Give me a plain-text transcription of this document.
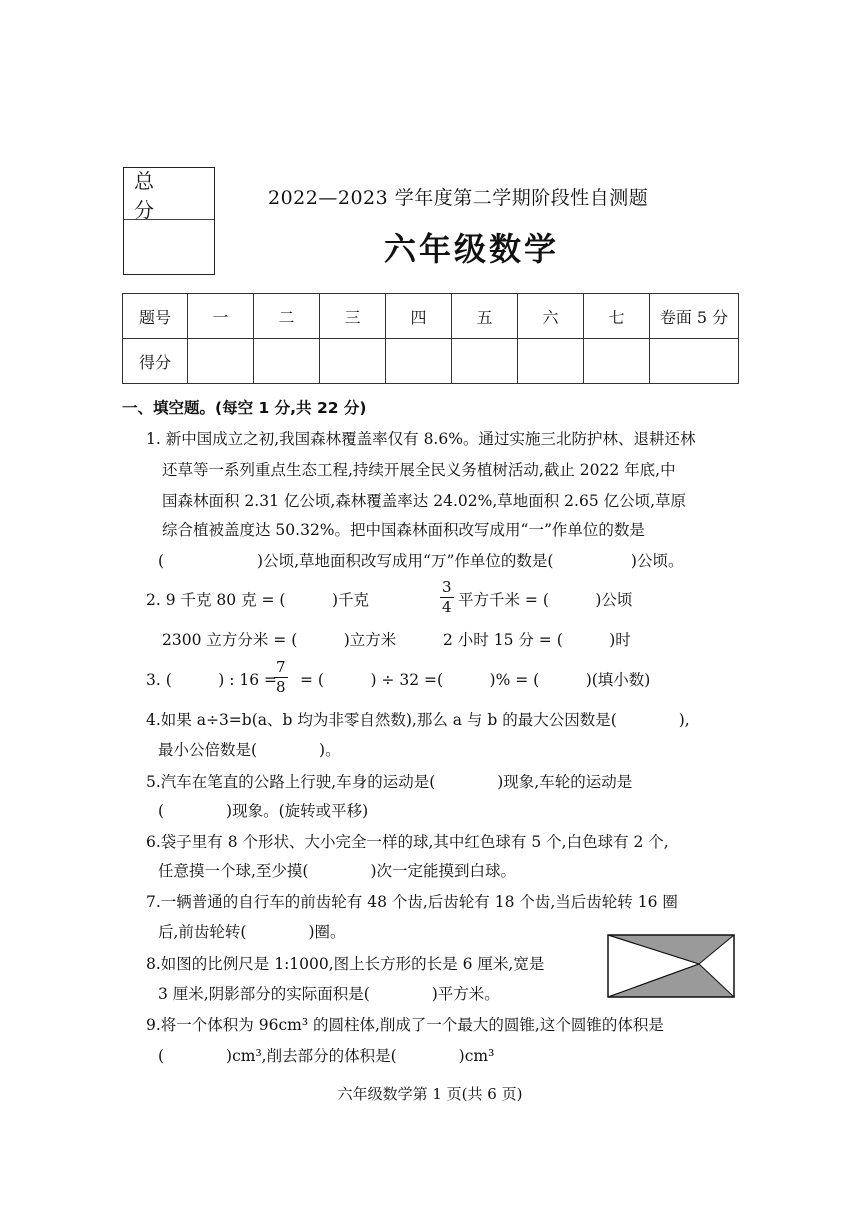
总 分	2022—2023 学年度第二学期阶段性自测题
六年级数学
题号	一	二	三	四	五	六	七	卷面 5 分
得分								
一、填空题。(每空 1 分,共 22 分)
1. 新中国成立之初,我国森林覆盖率仅有 8.6%。通过实施三北防护林、退耕还林
还草等一系列重点生态工程,持续开展全民义务植树活动,截止 2022 年底,中
国森林面积 2.31 亿公顷,森林覆盖率达 24.02%,草地面积 2.65 亿公顷,草原
综合植被盖度达 50.32%。把中国森林面积改写成用“一”作单位的数是
(　　　　　　)公顷,草地面积改写成用“万”作单位的数是(　　　　　)公顷。
2. 9 千克 80 克 = (　　　)千克	$\frac{3}{4}$ 平方千米 = (　　　)公顷
2300 立方分米 = (　　　)立方米	2 小时 15 分 = (　　　)时
3. (　　　) : 16 =
$\frac{7}{8}$ = (　　　) ÷ 32 =(　　　)% = (　　　)(填小数)
4.如果 a÷3=b(a、b 均为非零自然数),那么 a 与 b 的最大公因数是(　　　　),
最小公倍数是(　　　　)。
5.汽车在笔直的公路上行驶,车身的运动是(　　　　)现象,车轮的运动是
(　　　　)现象。(旋转或平移)
6.袋子里有 8 个形状、大小完全一样的球,其中红色球有 5 个,白色球有 2 个,
任意摸一个球,至少摸(　　　　)次一定能摸到白球。
7.一辆普通的自行车的前齿轮有 48 个齿,后齿轮有 18 个齿,当后齿轮转 16 圈
后,前齿轮转(　　　　)圈。
8.如图的比例尺是 1:1000,图上长方形的长是 6 厘米,宽是
3 厘米,阴影部分的实际面积是(　　　　)平方米。
9.将一个体积为 96cm³ 的圆柱体,削成了一个最大的圆锥,这个圆锥的体积是
(　　　　)cm³,削去部分的体积是(　　　　)cm³
六年级数学第 1 页(共 6 页)
